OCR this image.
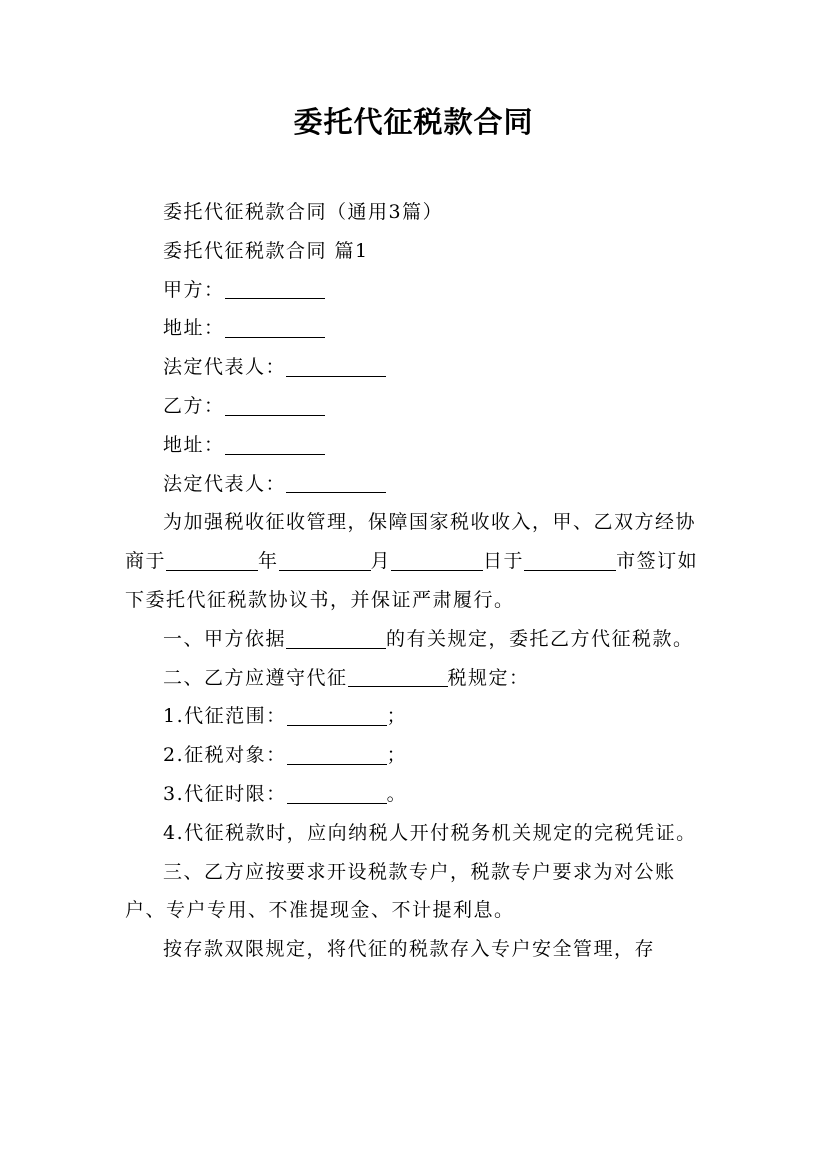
委托代征税款合同

委托代征税款合同（通用3篇）

委托代征税款合同 篇1

甲方：

地址：

法定代表人：

乙方：

地址：

法定代表人：

为加强税收征收管理，保障国家税收收入，甲、乙双方经协商于	年	月	日于	市签订如下委托代征税款协议书，并保证严肃履行。

一、甲方依据	的有关规定，委托乙方代征税款。

二、乙方应遵守代征	税规定：

1.代征范围：	；

2.征税对象：	；

3.代征时限：	。

4.代征税款时，应向纳税人开付税务机关规定的完税凭证。

三、乙方应按要求开设税款专户，税款专户要求为对公账户、专户专用、不准提现金、不计提利息。

按存款双限规定，将代征的税款存入专户安全管理，存
